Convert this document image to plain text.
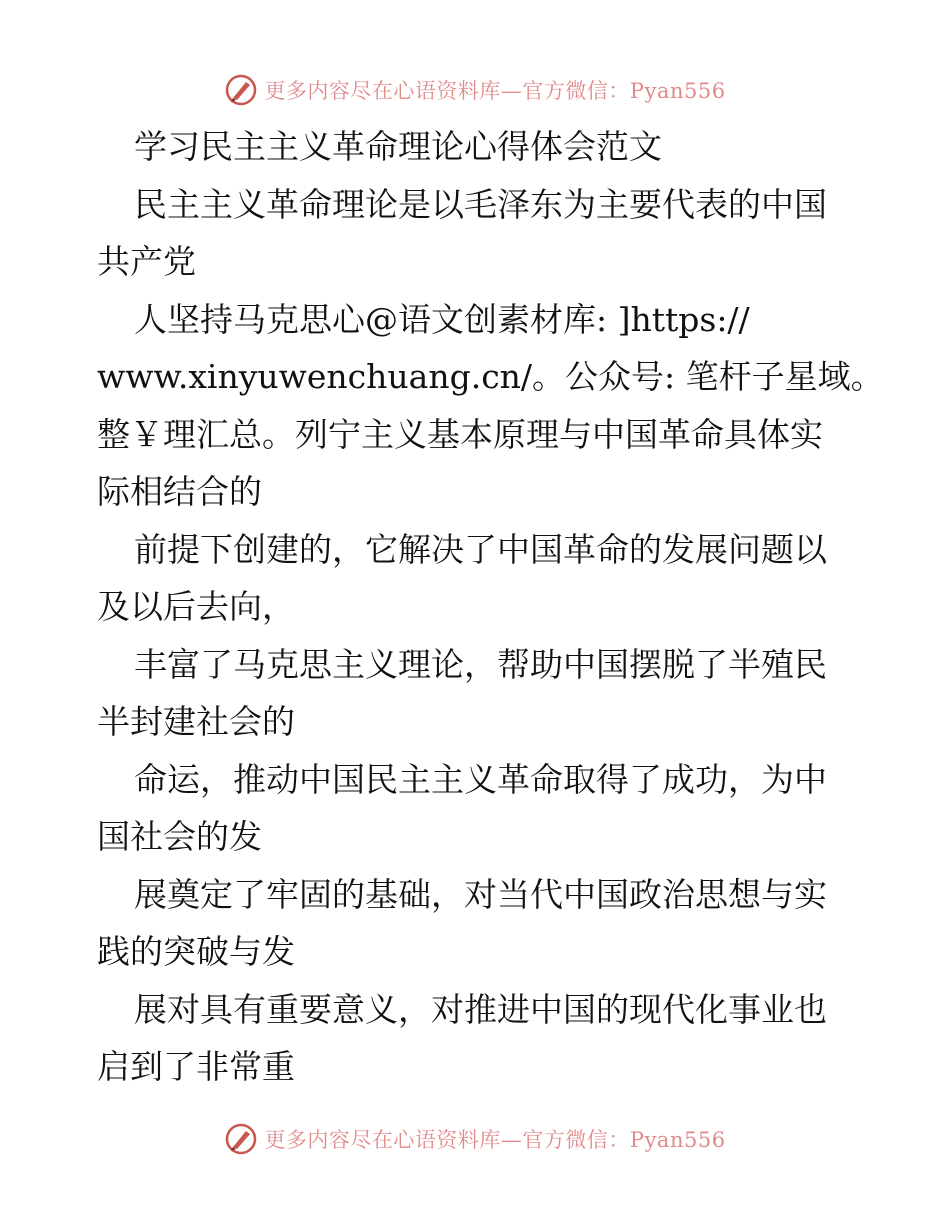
更多内容尽在心语资料库—官方微信：Pyan556
学习民主主义革命理论心得体会范文
民主主义革命理论是以毛泽东为主要代表的中国
共产党
人坚持马克思心@语文创素材库: ]https://
www.xinyuwenchuang.cn/。公众号: 笔杆子星域。
整￥理汇总。列宁主义基本原理与中国革命具体实
际相结合的
前提下创建的，它解决了中国革命的发展问题以
及以后去向，
丰富了马克思主义理论，帮助中国摆脱了半殖民
半封建社会的
命运，推动中国民主主义革命取得了成功，为中
国社会的发
展奠定了牢固的基础，对当代中国政治思想与实
践的突破与发
展对具有重要意义，对推进中国的现代化事业也
启到了非常重
更多内容尽在心语资料库—官方微信：Pyan556
